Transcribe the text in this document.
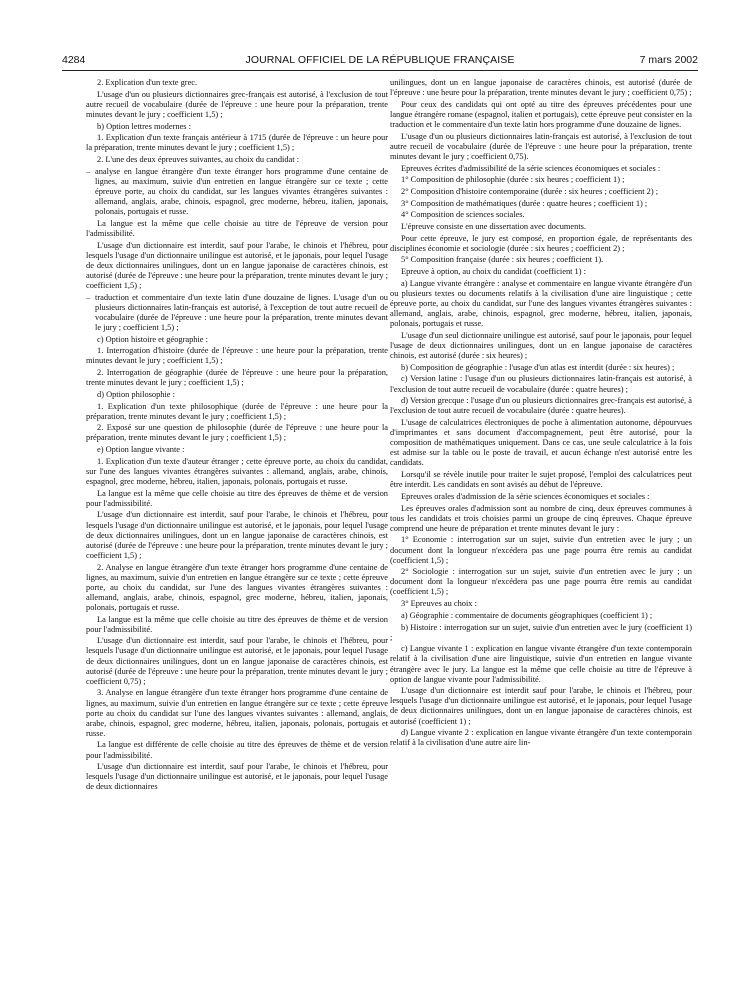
4284	JOURNAL OFFICIEL DE LA RÉPUBLIQUE FRANÇAISE	7 mars 2002

2. Explication d'un texte grec.

L'usage d'un ou plusieurs dictionnaires grec-français est autorisé, à l'exclusion de tout autre recueil de vocabulaire (durée de l'épreuve : une heure pour la préparation, trente minutes devant le jury ; coefficient 1,5) ;

b) Option lettres modernes :

1. Explication d'un texte français antérieur à 1715 (durée de l'épreuve : un heure pour la préparation, trente minutes devant le jury ; coefficient 1,5) ;

2. L'une des deux épreuves suivantes, au choix du candidat :

– analyse en langue étrangère d'un texte étranger hors programme d'une centaine de lignes, au maximum, suivie d'un entretien en langue étrangère sur ce texte ; cette épreuve porte, au choix du candidat, sur les langues vivantes étrangères suivantes : allemand, anglais, arabe, chinois, espagnol, grec moderne, hébreu, italien, japonais, polonais, portugais et russe.

La langue est la même que celle choisie au titre de l'épreuve de version pour l'admissibilité.

L'usage d'un dictionnaire est interdit, sauf pour l'arabe, le chinois et l'hébreu, pour lesquels l'usage d'un dictionnaire unilingue est autorisé, et le japonais, pour lequel l'usage de deux dictionnaires unilingues, dont un en langue japonaise de caractères chinois, est autorisé (durée de l'épreuve : une heure pour la préparation, trente minutes devant le jury ; coefficient 1,5) ;

– traduction et commentaire d'un texte latin d'une douzaine de lignes. L'usage d'un ou plusieurs dictionnaires latin-français est autorisé, à l'exception de tout autre recueil de vocabulaire (durée de l'épreuve : une heure pour la préparation, trente minutes devant le jury ; coefficient 1,5) ;

c) Option histoire et géographie :

1. Interrogation d'histoire (durée de l'épreuve : une heure pour la préparation, trente minutes devant le jury ; coefficient 1,5) ;

2. Interrogation de géographie (durée de l'épreuve : une heure pour la préparation, trente minutes devant le jury ; coefficient 1,5) ;

d) Option philosophie :

1. Explication d'un texte philosophique (durée de l'épreuve : une heure pour la préparation, trente minutes devant le jury ; coefficient 1,5) ;

2. Exposé sur une question de philosophie (durée de l'épreuve : une heure pour la préparation, trente minutes devant le jury ; coefficient 1,5) ;

e) Option langue vivante :

1. Explication d'un texte d'auteur étranger ; cette épreuve porte, au choix du candidat, sur l'une des langues vivantes étrangères suivantes : allemand, anglais, arabe, chinois, espagnol, grec moderne, hébreu, italien, japonais, polonais, portugais et russe.

La langue est la même que celle choisie au titre des épreuves de thème et de version pour l'admissibilité.

L'usage d'un dictionnaire est interdit, sauf pour l'arabe, le chinois et l'hébreu, pour lesquels l'usage d'un dictionnaire unilingue est autorisé, et le japonais, pour lequel l'usage de deux dictionnaires unilingues, dont un en langue japonaise de caractères chinois, est autorisé (durée de l'épreuve : une heure pour la préparation, trente minutes devant le jury ; coefficient 1,5) ;

2. Analyse en langue étrangère d'un texte étranger hors programme d'une centaine de lignes, au maximum, suivie d'un entretien en langue étrangère sur ce texte ; cette épreuve porte, au choix du candidat, sur l'une des langues vivantes étrangères suivantes : allemand, anglais, arabe, chinois, espagnol, grec moderne, hébreu, italien, japonais, polonais, portugais et russe.

La langue est la même que celle choisie au titre des épreuves de thème et de version pour l'admissibilité.

L'usage d'un dictionnaire est interdit, sauf pour l'arabe, le chinois et l'hébreu, pour lesquels l'usage d'un dictionnaire unilingue est autorisé, et le japonais, pour lequel l'usage de deux dictionnaires unilingues, dont un en langue japonaise de caractères chinois, est autorisé (durée de l'épreuve : une heure pour la préparation, trente minutes devant le jury ; coefficient 0,75) ;

3. Analyse en langue étrangère d'un texte étranger hors programme d'une centaine de lignes, au maximum, suivie d'un entretien en langue étrangère sur ce texte ; cette épreuve porte au choix du candidat sur l'une des langues vivantes suivantes : allemand, anglais, arabe, chinois, espagnol, grec moderne, hébreu, italien, japonais, polonais, portugais et russe.

La langue est différente de celle choisie au titre des épreuves de thème et de version pour l'admissibilité.

L'usage d'un dictionnaire est interdit, sauf pour l'arabe, le chinois et l'hébreu, pour lesquels l'usage d'un dictionnaire unilingue est autorisé, et le japonais, pour lequel l'usage de deux dictionnaires

unilingues, dont un en langue japonaise de caractères chinois, est autorisé (durée de l'épreuve : une heure pour la préparation, trente minutes devant le jury ; coefficient 0,75) ;

Pour ceux des candidats qui ont opté au titre des épreuves précédentes pour une langue étrangère romane (espagnol, italien et portugais), cette épreuve peut consister en la traduction et le commentaire d'un texte latin hors programme d'une douzaine de lignes.

L'usage d'un ou plusieurs dictionnaires latin-français est autorisé, à l'exclusion de tout autre recueil de vocabulaire (durée de l'épreuve : une heure pour la préparation, trente minutes devant le jury ; coefficient 0,75).

Epreuves écrites d'admissibilité de la série sciences économiques et sociales :

1° Composition de philosophie (durée : six heures ; coefficient 1) ;

2° Composition d'histoire contemporaine (durée : six heures ; coefficient 2) ;

3° Composition de mathématiques (durée : quatre heures ; coefficient 1) ;

4° Composition de sciences sociales.

L'épreuve consiste en une dissertation avec documents.

Pour cette épreuve, le jury est composé, en proportion égale, de représentants des disciplines économie et sociologie (durée : six heures ; coefficient 2) ;

5° Composition française (durée : six heures ; coefficient 1).

Epreuve à option, au choix du candidat (coefficient 1) :

a) Langue vivante étrangère : analyse et commentaire en langue vivante étrangère d'un ou plusieurs textes ou documents relatifs à la civilisation d'une aire linguistique ; cette épreuve porte, au choix du candidat, sur l'une des langues vivantes étrangères suivantes : allemand, anglais, arabe, chinois, espagnol, grec moderne, hébreu, italien, japonais, polonais, portugais et russe.

L'usage d'un seul dictionnaire unilingue est autorisé, sauf pour le japonais, pour lequel l'usage de deux dictionnaires unilingues, dont un en langue japonaise de caractères chinois, est autorisé (durée : six heures) ;

b) Composition de géographie : l'usage d'un atlas est interdit (durée : six heures) ;

c) Version latine : l'usage d'un ou plusieurs dictionnaires latin-français est autorisé, à l'exclusion de tout autre recueil de vocabulaire (durée : quatre heures) ;

d) Version grecque : l'usage d'un ou plusieurs dictionnaires grec-français est autorisé, à l'exclusion de tout autre recueil de vocabulaire (durée : quatre heures).

L'usage de calculatrices électroniques de poche à alimentation autonome, dépourvues d'imprimantes et sans document d'accompagnement, peut être autorisé, pour la composition de mathématiques uniquement. Dans ce cas, une seule calculatrice à la fois est admise sur la table ou le poste de travail, et aucun échange n'est autorisé entre les candidats.

Lorsqu'il se révèle inutile pour traiter le sujet proposé, l'emploi des calculatrices peut être interdit. Les candidats en sont avisés au début de l'épreuve.

Epreuves orales d'admission de la série sciences économiques et sociales :

Les épreuves orales d'admission sont au nombre de cinq, deux épreuves communes à tous les candidats et trois choisies parmi un groupe de cinq épreuves. Chaque épreuve comprend une heure de préparation et trente minutes devant le jury :

1° Economie : interrogation sur un sujet, suivie d'un entretien avec le jury ; un document dont la longueur n'excédera pas une page pourra être remis au candidat (coefficient 1,5) ;

2° Sociologie : interrogation sur un sujet, suivie d'un entretien avec le jury ; un document dont la longueur n'excédera pas une page pourra être remis au candidat (coefficient 1,5) ;

3° Epreuves au choix :

a) Géographie : commentaire de documents géographiques (coefficient 1) ;

b) Histoire : interrogation sur un sujet, suivie d'un entretien avec le jury (coefficient 1) ;

c) Langue vivante 1 : explication en langue vivante étrangère d'un texte contemporain relatif à la civilisation d'une aire linguistique, suivie d'un entretien en langue vivante étrangère avec le jury. La langue est la même que celle choisie au titre de l'épreuve à option de langue vivante pour l'admissibilité.

L'usage d'un dictionnaire est interdit sauf pour l'arabe, le chinois et l'hébreu, pour lesquels l'usage d'un dictionnaire unilingue est autorisé, et le japonais, pour lequel l'usage de deux dictionnaires unilingues, dont un en langue japonaise de caractères chinois, est autorisé (coefficient 1) ;

d) Langue vivante 2 : explication en langue vivante étrangère d'un texte contemporain relatif à la civilisation d'une autre aire lin-
